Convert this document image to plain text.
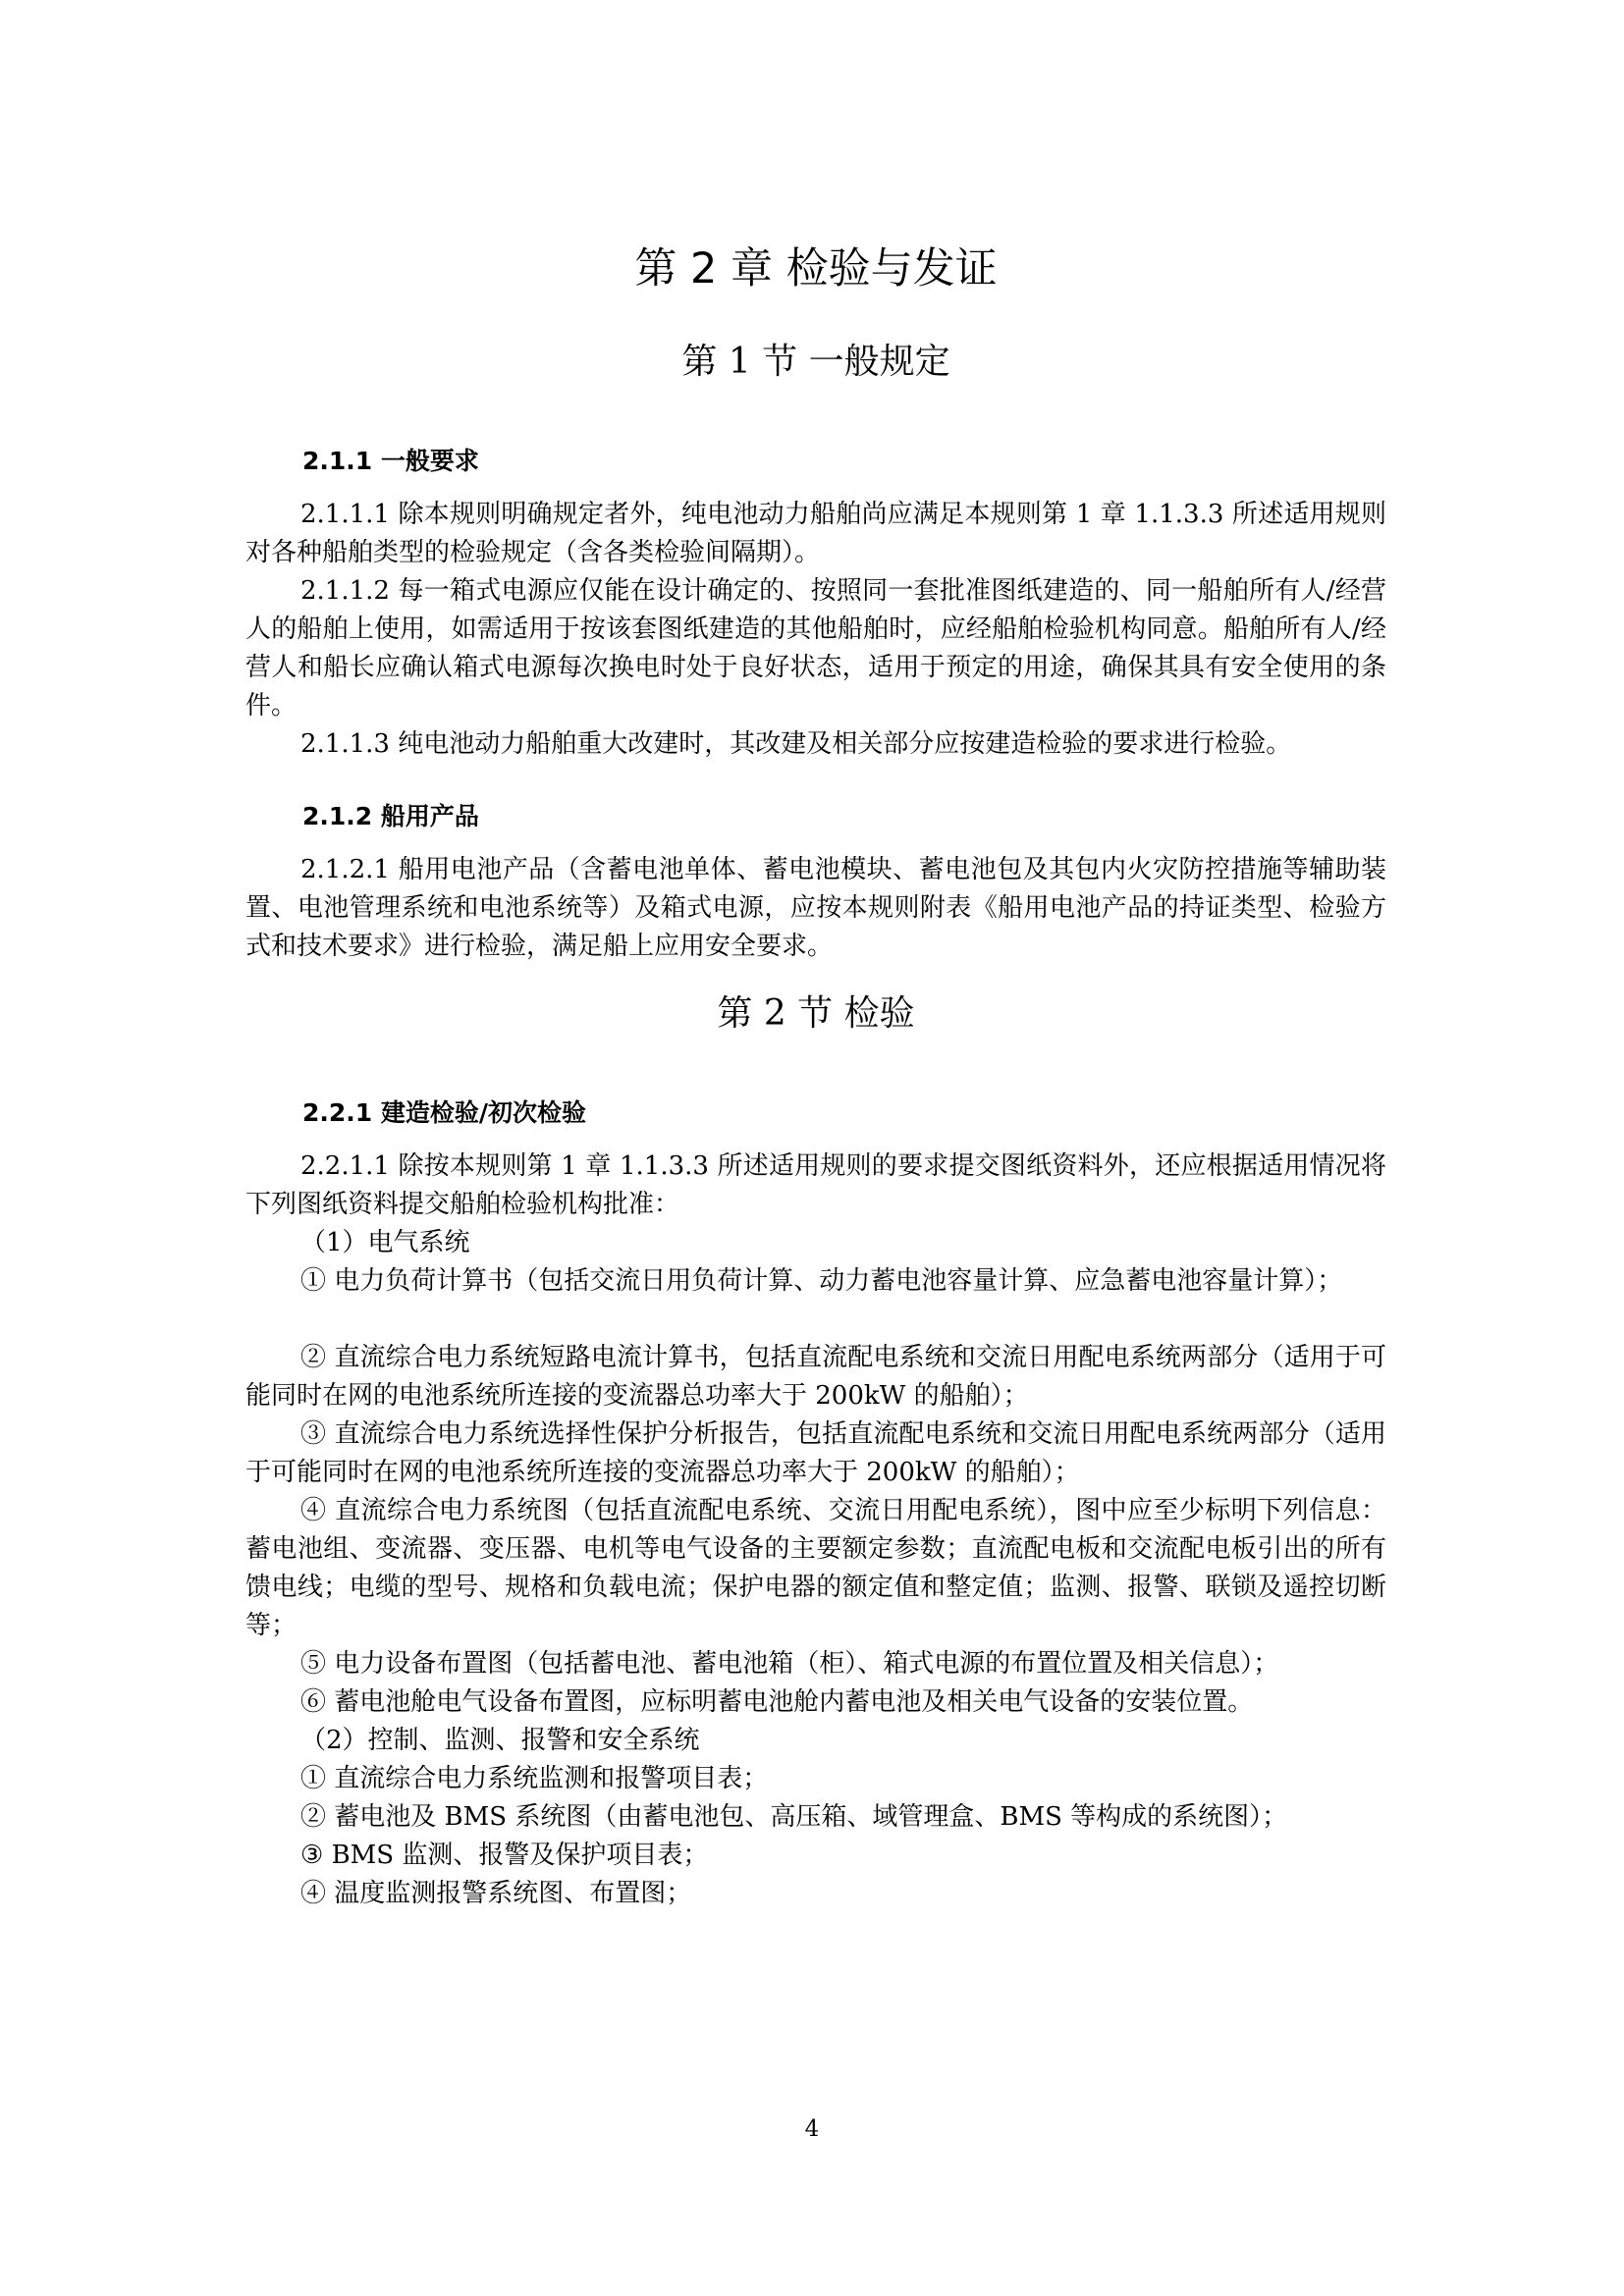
第 2 章 检验与发证
第 1 节 一般规定
2.1.1 一般要求
2.1.1.1 除本规则明确规定者外，纯电池动力船舶尚应满足本规则第 1 章 1.1.3.3 所述适用规则对各种船舶类型的检验规定（含各类检验间隔期）。
2.1.1.2 每一箱式电源应仅能在设计确定的、按照同一套批准图纸建造的、同一船舶所有人/经营人的船舶上使用，如需适用于按该套图纸建造的其他船舶时，应经船舶检验机构同意。船舶所有人/经营人和船长应确认箱式电源每次换电时处于良好状态，适用于预定的用途，确保其具有安全使用的条件。
2.1.1.3 纯电池动力船舶重大改建时，其改建及相关部分应按建造检验的要求进行检验。
2.1.2 船用产品
2.1.2.1 船用电池产品（含蓄电池单体、蓄电池模块、蓄电池包及其包内火灾防控措施等辅助装置、电池管理系统和电池系统等）及箱式电源，应按本规则附表《船用电池产品的持证类型、检验方式和技术要求》进行检验，满足船上应用安全要求。
第 2 节 检验
2.2.1 建造检验/初次检验
2.2.1.1 除按本规则第 1 章 1.1.3.3 所述适用规则的要求提交图纸资料外，还应根据适用情况将下列图纸资料提交船舶检验机构批准：
（1）电气系统
① 电力负荷计算书（包括交流日用负荷计算、动力蓄电池容量计算、应急蓄电池容量计算）；
② 直流综合电力系统短路电流计算书，包括直流配电系统和交流日用配电系统两部分（适用于可能同时在网的电池系统所连接的变流器总功率大于 200kW 的船舶）；
③ 直流综合电力系统选择性保护分析报告，包括直流配电系统和交流日用配电系统两部分（适用于可能同时在网的电池系统所连接的变流器总功率大于 200kW 的船舶）；
④ 直流综合电力系统图（包括直流配电系统、交流日用配电系统），图中应至少标明下列信息：蓄电池组、变流器、变压器、电机等电气设备的主要额定参数；直流配电板和交流配电板引出的所有馈电线；电缆的型号、规格和负载电流；保护电器的额定值和整定值；监测、报警、联锁及遥控切断等；
⑤ 电力设备布置图（包括蓄电池、蓄电池箱（柜）、箱式电源的布置位置及相关信息）；
⑥ 蓄电池舱电气设备布置图，应标明蓄电池舱内蓄电池及相关电气设备的安装位置。
（2）控制、监测、报警和安全系统
① 直流综合电力系统监测和报警项目表；
② 蓄电池及 BMS 系统图（由蓄电池包、高压箱、域管理盒、BMS 等构成的系统图）；
③ BMS 监测、报警及保护项目表；
④ 温度监测报警系统图、布置图；
4
